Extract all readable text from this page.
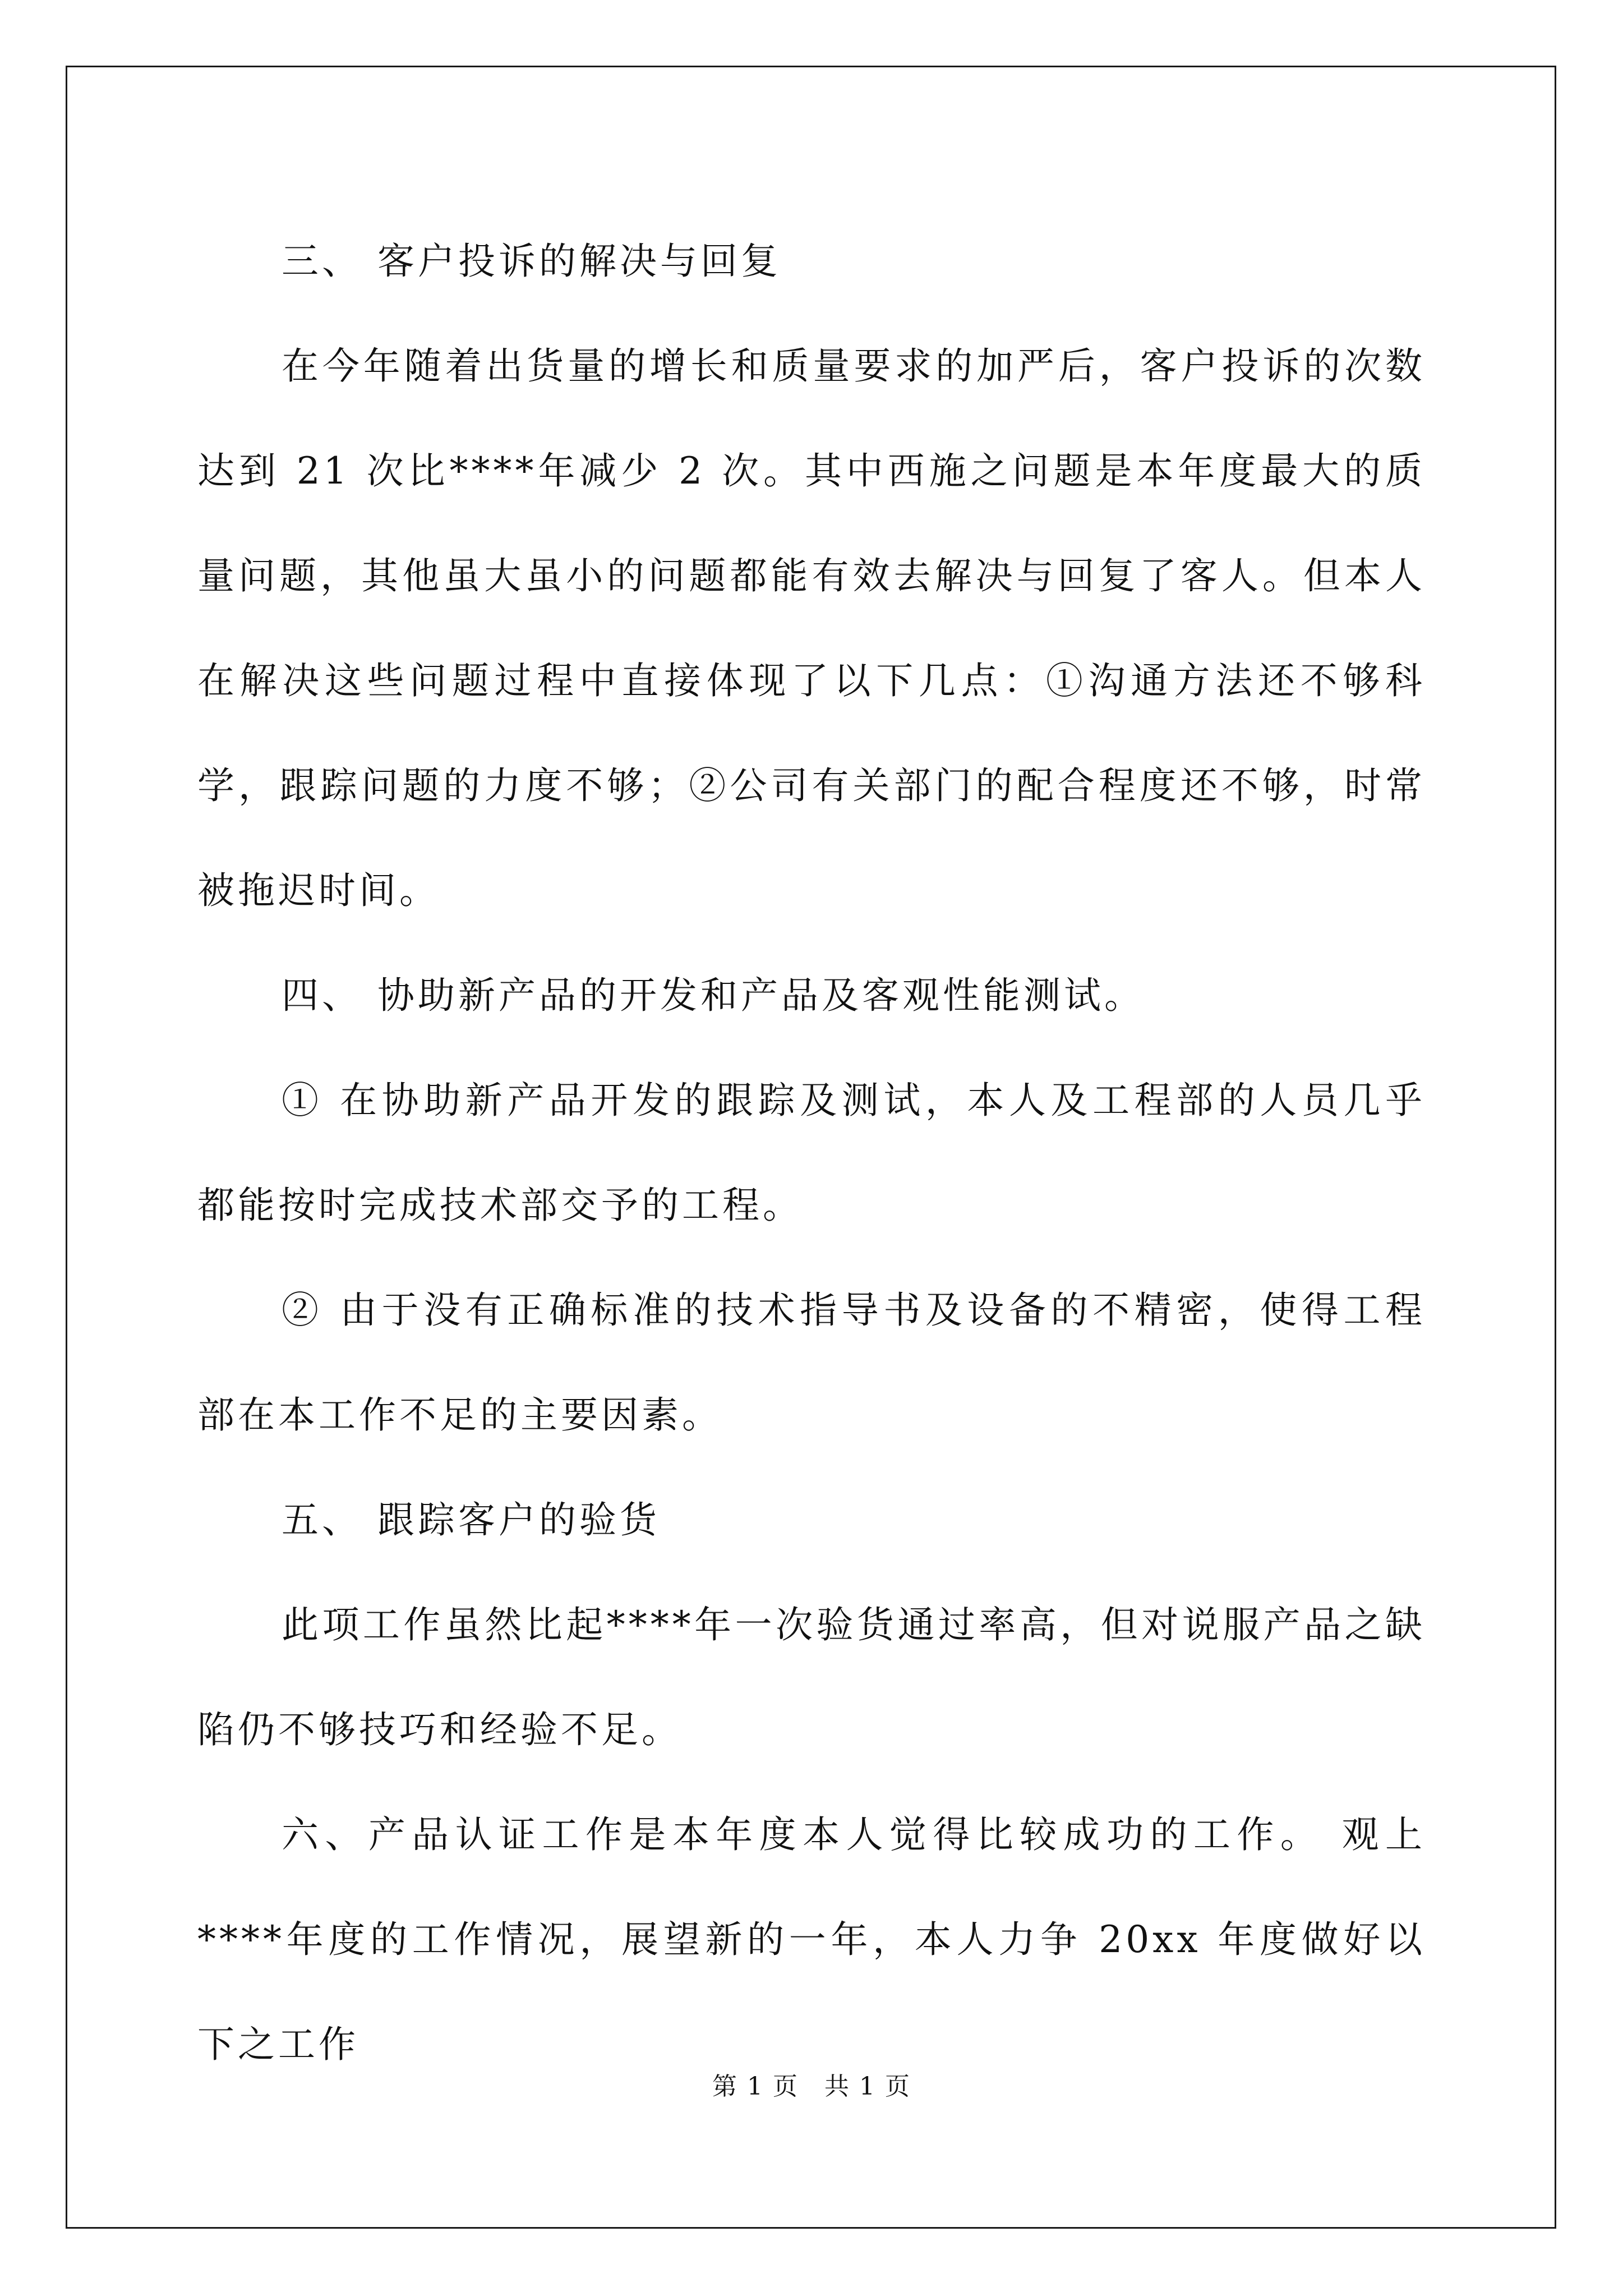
三、 客户投诉的解决与回复

在今年随着出货量的增长和质量要求的加严后，客户投诉的次数达到 21 次比****年减少 2 次。其中西施之问题是本年度最大的质量问题，其他虽大虽小的问题都能有效去解决与回复了客人。但本人在解决这些问题过程中直接体现了以下几点：①沟通方法还不够科学，跟踪问题的力度不够；②公司有关部门的配合程度还不够，时常被拖迟时间。

四、 协助新产品的开发和产品及客观性能测试。

① 在协助新产品开发的跟踪及测试，本人及工程部的人员几乎都能按时完成技术部交予的工程。

② 由于没有正确标准的技术指导书及设备的不精密，使得工程部在本工作不足的主要因素。

五、 跟踪客户的验货

此项工作虽然比起****年一次验货通过率高，但对说服产品之缺陷仍不够技巧和经验不足。

六、产品认证工作是本年度本人觉得比较成功的工作。 观上****年度的工作情况，展望新的一年，本人力争 20xx 年度做好以下之工作

第 1 页　共 1 页
